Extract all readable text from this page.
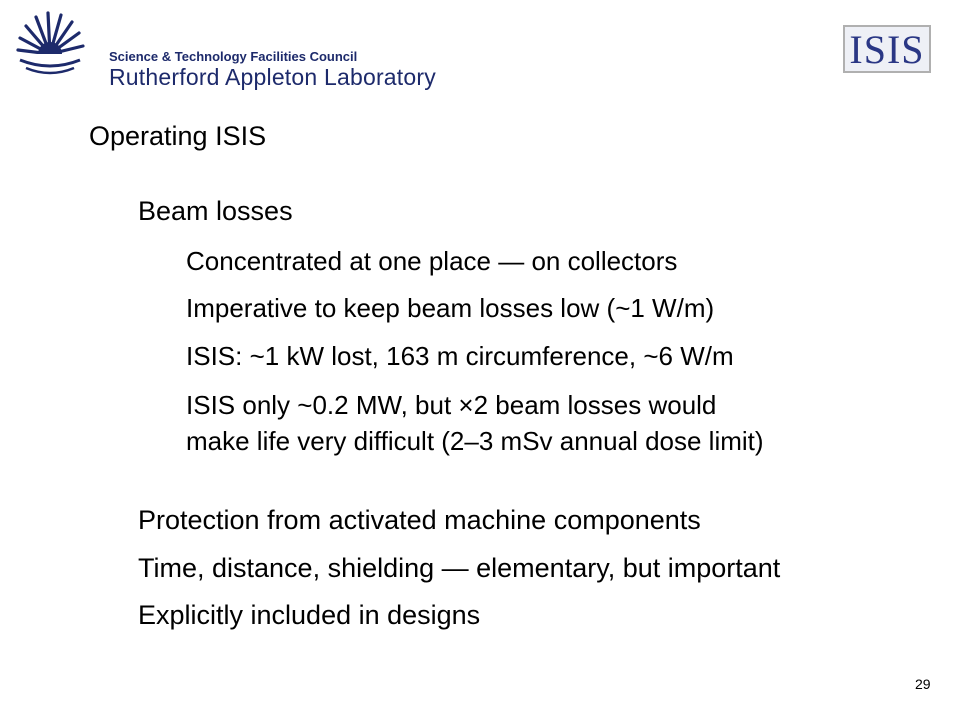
Science & Technology Facilities Council
Rutherford Appleton Laboratory
ISIS
Operating ISIS
Beam losses
Concentrated at one place — on collectors
Imperative to keep beam losses low (~1 W/m)
ISIS: ~1 kW lost, 163 m circumference, ~6 W/m
ISIS only ~0.2 MW, but ×2 beam losses would
make life very difficult (2–3 mSv annual dose limit)
Protection from activated machine components
Time, distance, shielding — elementary, but important
Explicitly included in designs
29
